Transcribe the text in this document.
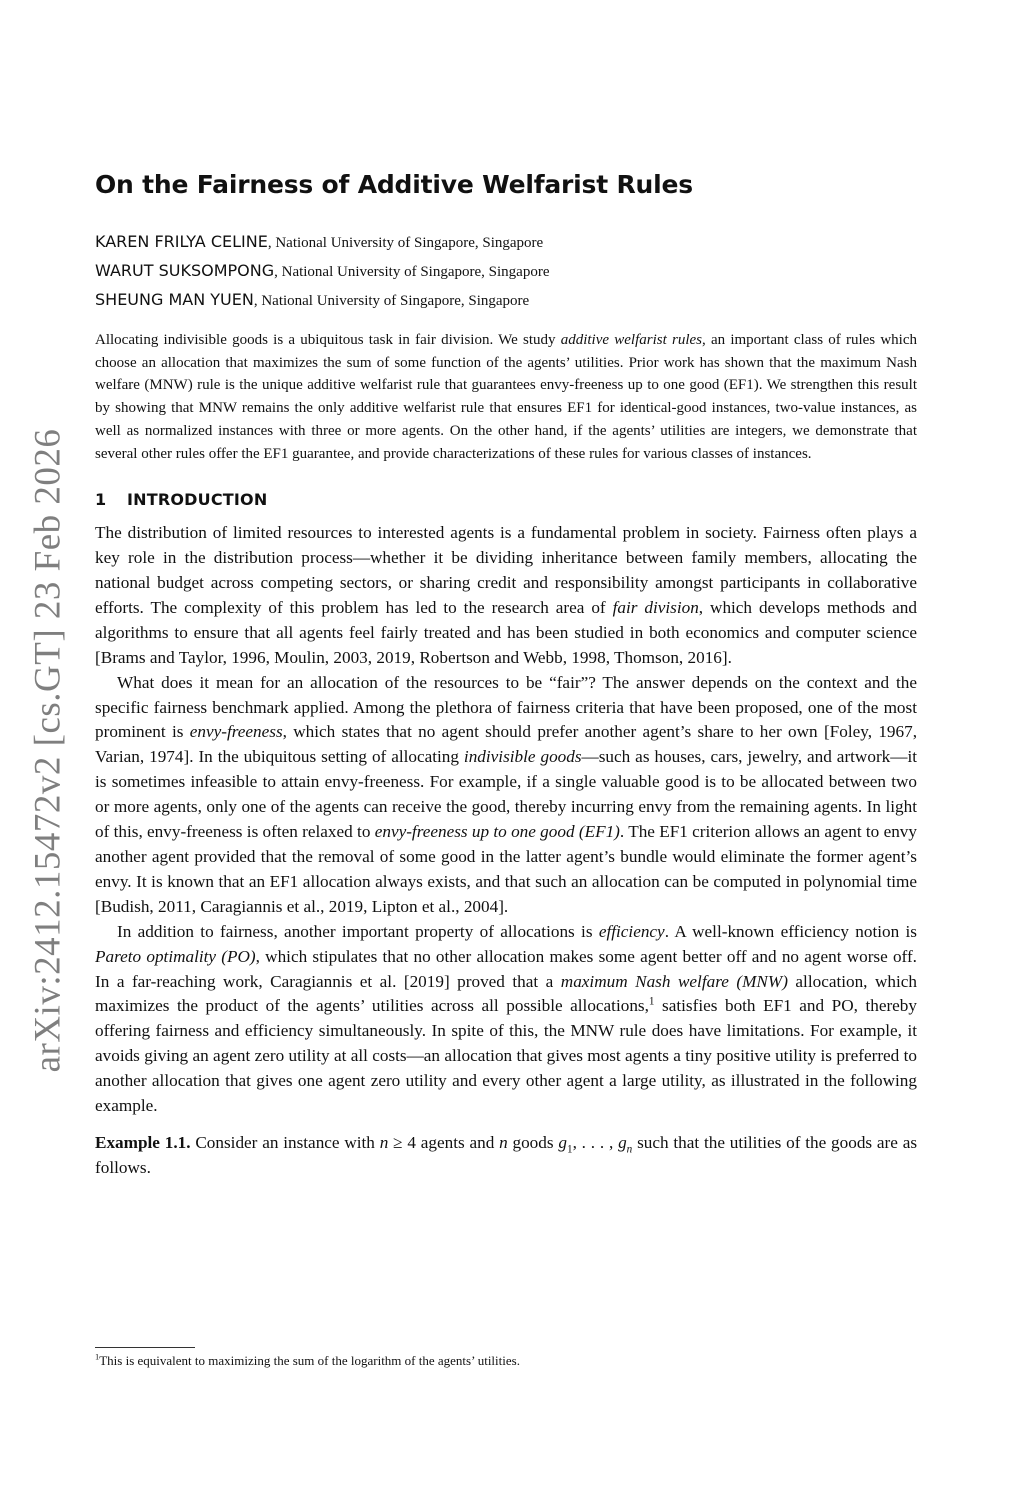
arXiv:2412.15472v2 [cs.GT] 23 Feb 2026
On the Fairness of Additive Welfarist Rules
KAREN FRILYA CELINE, National University of Singapore, Singapore
WARUT SUKSOMPONG, National University of Singapore, Singapore
SHEUNG MAN YUEN, National University of Singapore, Singapore

Allocating indivisible goods is a ubiquitous task in fair division. We study additive welfarist rules, an important class of rules which choose an allocation that maximizes the sum of some function of the agents’ utilities. Prior work has shown that the maximum Nash welfare (MNW) rule is the unique additive welfarist rule that guarantees envy-freeness up to one good (EF1). We strengthen this result by showing that MNW remains the only additive welfarist rule that ensures EF1 for identical-good instances, two-value instances, as well as normalized instances with three or more agents. On the other hand, if the agents’ utilities are integers, we demonstrate that several other rules offer the EF1 guarantee, and provide characterizations of these rules for various classes of instances.

1 INTRODUCTION

The distribution of limited resources to interested agents is a fundamental problem in society. Fairness often plays a key role in the distribution process—whether it be dividing inheritance between family members, allocating the national budget across competing sectors, or sharing credit and responsibility amongst participants in collaborative efforts. The complexity of this problem has led to the research area of fair division, which develops methods and algorithms to ensure that all agents feel fairly treated and has been studied in both economics and computer science [Brams and Taylor, 1996, Moulin, 2003, 2019, Robertson and Webb, 1998, Thomson, 2016].

What does it mean for an allocation of the resources to be “fair”? The answer depends on the context and the specific fairness benchmark applied. Among the plethora of fairness criteria that have been proposed, one of the most prominent is envy-freeness, which states that no agent should prefer another agent’s share to her own [Foley, 1967, Varian, 1974]. In the ubiquitous setting of allocating indivisible goods—such as houses, cars, jewelry, and artwork—it is sometimes infeasible to attain envy-freeness. For example, if a single valuable good is to be allocated between two or more agents, only one of the agents can receive the good, thereby incurring envy from the remaining agents. In light of this, envy-freeness is often relaxed to envy-freeness up to one good (EF1). The EF1 criterion allows an agent to envy another agent provided that the removal of some good in the latter agent’s bundle would eliminate the former agent’s envy. It is known that an EF1 allocation always exists, and that such an allocation can be computed in polynomial time [Budish, 2011, Caragiannis et al., 2019, Lipton et al., 2004].

In addition to fairness, another important property of allocations is efficiency. A well-known efficiency notion is Pareto optimality (PO), which stipulates that no other allocation makes some agent better off and no agent worse off. In a far-reaching work, Caragiannis et al. [2019] proved that a maximum Nash welfare (MNW) allocation, which maximizes the product of the agents’ utilities across all possible allocations,$^1$ satisfies both EF1 and PO, thereby offering fairness and efficiency simultaneously. In spite of this, the MNW rule does have limitations. For example, it avoids giving an agent zero utility at all costs—an allocation that gives most agents a tiny positive utility is preferred to another allocation that gives one agent zero utility and every other agent a large utility, as illustrated in the following example.

Example 1.1. Consider an instance with n ≥ 4 agents and n goods $g_1$, . . . , $g_n$ such that the utilities of the goods are as follows.
$^1$This is equivalent to maximizing the sum of the logarithm of the agents’ utilities.
